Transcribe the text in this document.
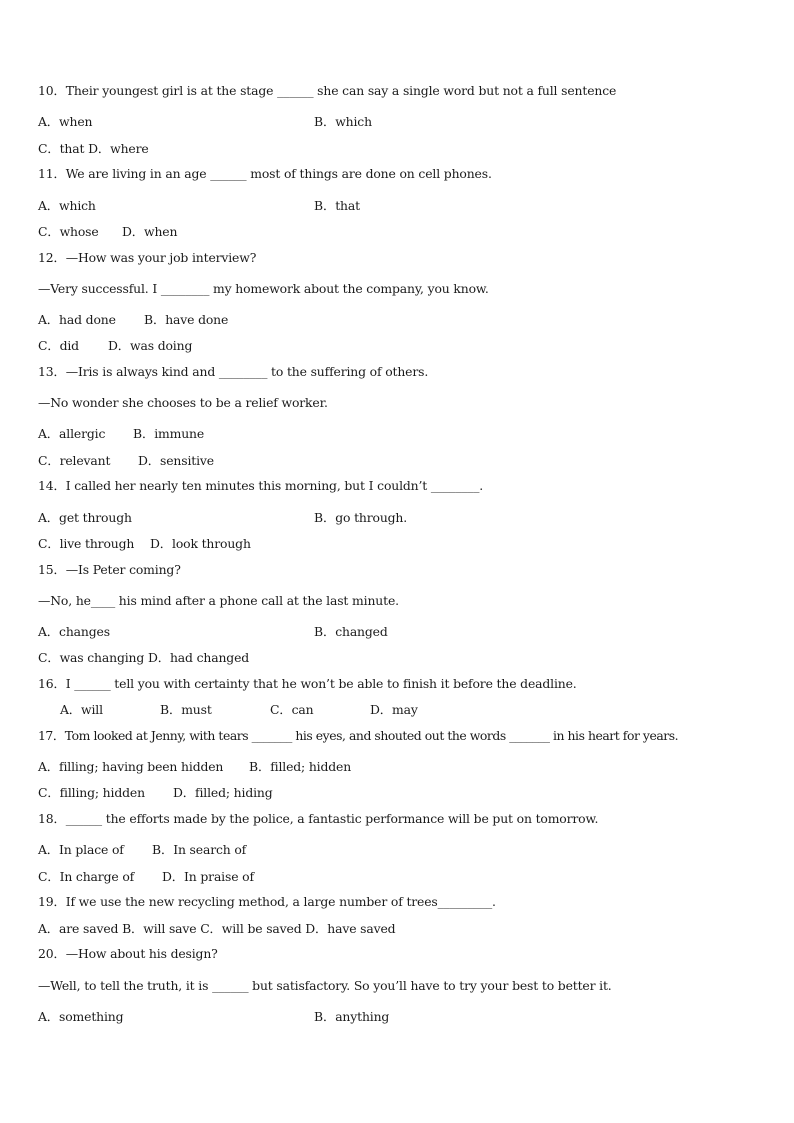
10．Their youngest girl is at the stage ______ she can say a single word but not a full sentence
A．when	B．which
C．that D．where
11．We are living in an age ______ most of things are done on cell phones.
A．which	B．that
C．whose D．when
12．—How was your job interview?
—Very successful. I ________ my homework about the company, you know.
A．had done B．have done
C．did D．was doing
13．—Iris is always kind and ________ to the suffering of others.
—No wonder she chooses to be a relief worker.
A．allergic B．immune
C．relevant D．sensitive
14．I called her nearly ten minutes this morning, but I couldn’t ________.
A．get through	B．go through.
C．live through D．look through
15．—Is Peter coming?
—No, he____ his mind after a phone call at the last minute.
A．changes	B．changed
C．was changing D．had changed
16．I ______ tell you with certainty that he won’t be able to finish it before the deadline.
A．will	B．must	C．can	D．may
17．Tom looked at Jenny, with tears _______ his eyes, and shouted out the words _______ in his heart for years.
A．filling; having been hidden B．filled; hidden
C．filling; hidden D．filled; hiding
18．______ the efforts made by the police, a fantastic performance will be put on tomorrow.
A．In place of B．In search of
C．In charge of D．In praise of
19．If we use the new recycling method, a large number of trees_________.
A．are saved B．will save C．will be saved D．have saved
20．—How about his design?
—Well, to tell the truth, it is ______ but satisfactory. So you’ll have to try your best to better it.
A．something	B．anything
